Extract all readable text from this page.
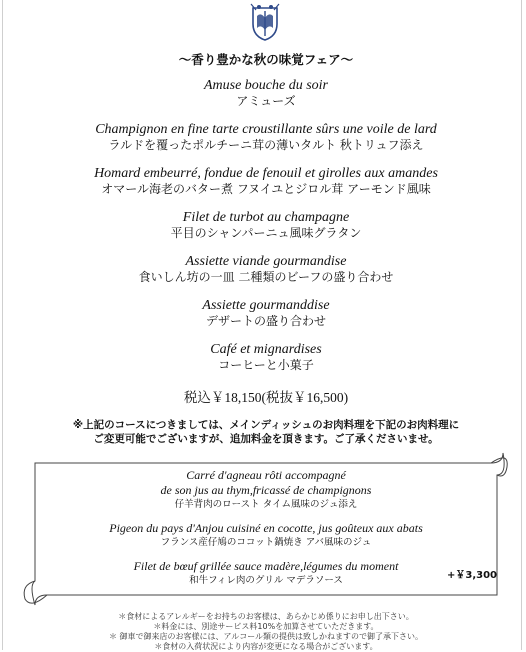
～香り豊かな秋の味覚フェア～
Amuse bouche du soir
アミューズ
Champignon en fine tarte croustillante sûrs une voile de lard
ラルドを覆ったポルチーニ茸の薄いタルト 秋トリュフ添え
Homard embeurré, fondue de fenouil et girolles aux amandes
オマール海老のバター煮 フヌイユとジロル茸 アーモンド風味
Filet de turbot au champagne
平目のシャンパーニュ風味グラタン
Assiette viande gourmandise
食いしん坊の一皿 二種類のビーフの盛り合わせ
Assiette gourmanddise
デザートの盛り合わせ
Café et mignardises
コーヒーと小菓子
税込￥18,150(税抜￥16,500)
※上記のコースにつきましては、メインディッシュのお肉料理を下記のお肉料理に
ご変更可能でございますが、追加料金を頂きます。ご了承くださいませ。
Carré d'agneau rôti accompagné
de son jus au thym,fricassé de champignons
仔羊背肉のロースト タイム風味のジュ添え
Pigeon du pays d'Anjou cuisiné en cocotte, jus goûteux aux abats
フランス産仔鳩のココット鍋焼き アバ風味のジュ
Filet de bœuf grillée sauce madère,légumes du moment
和牛フィレ肉のグリル マデラソース	+￥3,300
＊食材によるアレルギーをお持ちのお客様は、あらかじめ係りにお申し出下さい。
＊料金には、別途サービス料10%を加算させていただきます。
＊ 御車で御来店のお客様には、アルコール類の提供は致しかねますので御了承下さい。
＊食材の入荷状況により内容が変更になる場合がございます。
